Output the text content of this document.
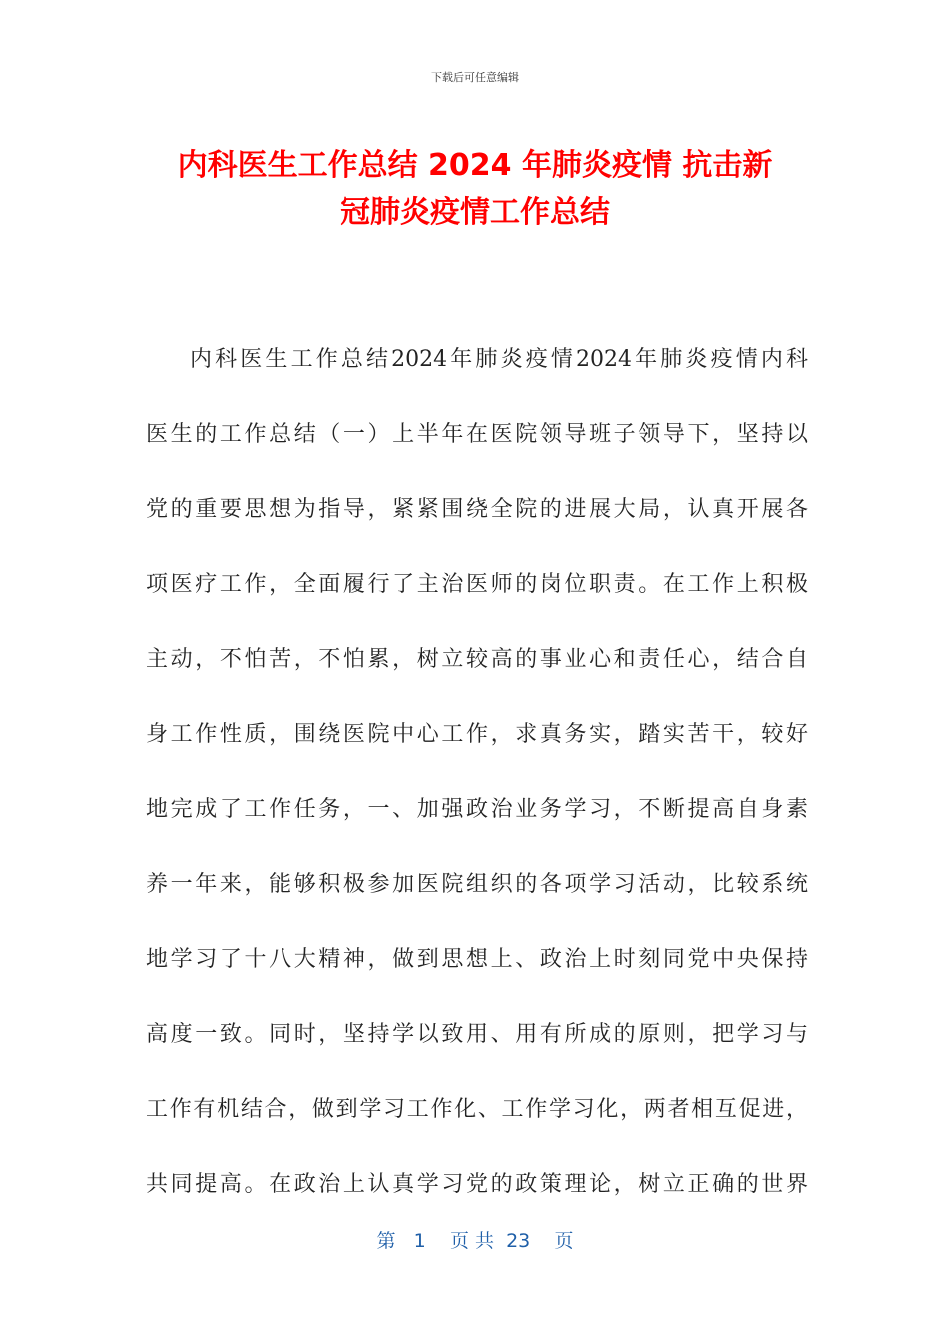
下载后可任意编辑
内科医生工作总结 2024 年肺炎疫情 抗击新
冠肺炎疫情工作总结
内科医生工作总结2024年肺炎疫情2024年肺炎疫情内科
医生的工作总结（一）上半年在医院领导班子领导下，坚持以
党的重要思想为指导，紧紧围绕全院的进展大局，认真开展各
项医疗工作，全面履行了主治医师的岗位职责。在工作上积极
主动，不怕苦，不怕累，树立较高的事业心和责任心，结合自
身工作性质，围绕医院中心工作，求真务实，踏实苦干，较好
地完成了工作任务，一、加强政治业务学习，不断提高自身素
养一年来，能够积极参加医院组织的各项学习活动，比较系统
地学习了十八大精神，做到思想上、政治上时刻同党中央保持
高度一致。同时，坚持学以致用、用有所成的原则，把学习与
工作有机结合，做到学习工作化、工作学习化，两者相互促进，
共同提高。在政治上认真学习党的政策理论，树立正确的世界
第 1 页 共 23 页
